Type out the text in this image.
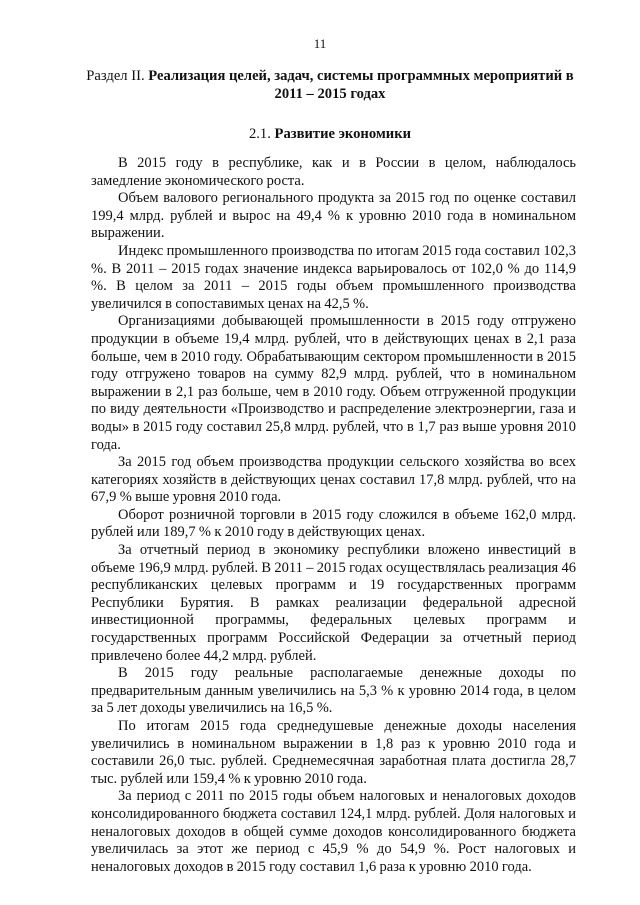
11
Раздел II. Реализация целей, задач, системы программных мероприятий в 2011 – 2015 годах
2.1. Развитие экономики

В 2015 году в республике, как и в России в целом, наблюдалось замедление экономического роста.

Объем валового регионального продукта за 2015 год по оценке составил 199,4 млрд. рублей и вырос на 49,4 % к уровню 2010 года в номинальном выражении.

Индекс промышленного производства по итогам 2015 года составил 102,3 %. В 2011 – 2015 годах значение индекса варьировалось от 102,0 % до 114,9 %. В целом за 2011 – 2015 годы объем промышленного производства увеличился в сопоставимых ценах на 42,5 %.

Организациями добывающей промышленности в 2015 году отгружено продукции в объеме 19,4 млрд. рублей, что в действующих ценах в 2,1 раза больше, чем в 2010 году. Обрабатывающим сектором промышленности в 2015 году отгружено товаров на сумму 82,9 млрд. рублей, что в номинальном выражении в 2,1 раз больше, чем в 2010 году. Объем отгруженной продукции по виду деятельности «Производство и распределение электроэнергии, газа и воды» в 2015 году составил 25,8 млрд. рублей, что в 1,7 раз выше уровня 2010 года.

За 2015 год объем производства продукции сельского хозяйства во всех категориях хозяйств в действующих ценах составил 17,8 млрд. рублей, что на 67,9 % выше уровня 2010 года.

Оборот розничной торговли в 2015 году сложился в объеме 162,0 млрд. рублей или 189,7 % к 2010 году в действующих ценах.

За отчетный период в экономику республики вложено инвестиций в объеме 196,9 млрд. рублей. В 2011 – 2015 годах осуществлялась реализация 46 республиканских целевых программ и 19 государственных программ Республики Бурятия. В рамках реализации федеральной адресной инвестиционной программы, федеральных целевых программ и государственных программ Российской Федерации за отчетный период привлечено более 44,2 млрд. рублей.

В 2015 году реальные располагаемые денежные доходы по предварительным данным увеличились на 5,3 % к уровню 2014 года, в целом за 5 лет доходы увеличились на 16,5 %.

По итогам 2015 года среднедушевые денежные доходы населения увеличились в номинальном выражении в 1,8 раз к уровню 2010 года и составили 26,0 тыс. рублей. Среднемесячная заработная плата достигла 28,7 тыс. рублей или 159,4 % к уровню 2010 года.

За период с 2011 по 2015 годы объем налоговых и неналоговых доходов консолидированного бюджета составил 124,1 млрд. рублей. Доля налоговых и неналоговых доходов в общей сумме доходов консолидированного бюджета увеличилась за этот же период с 45,9 % до 54,9 %. Рост налоговых и неналоговых доходов в 2015 году составил 1,6 раза к уровню 2010 года.
